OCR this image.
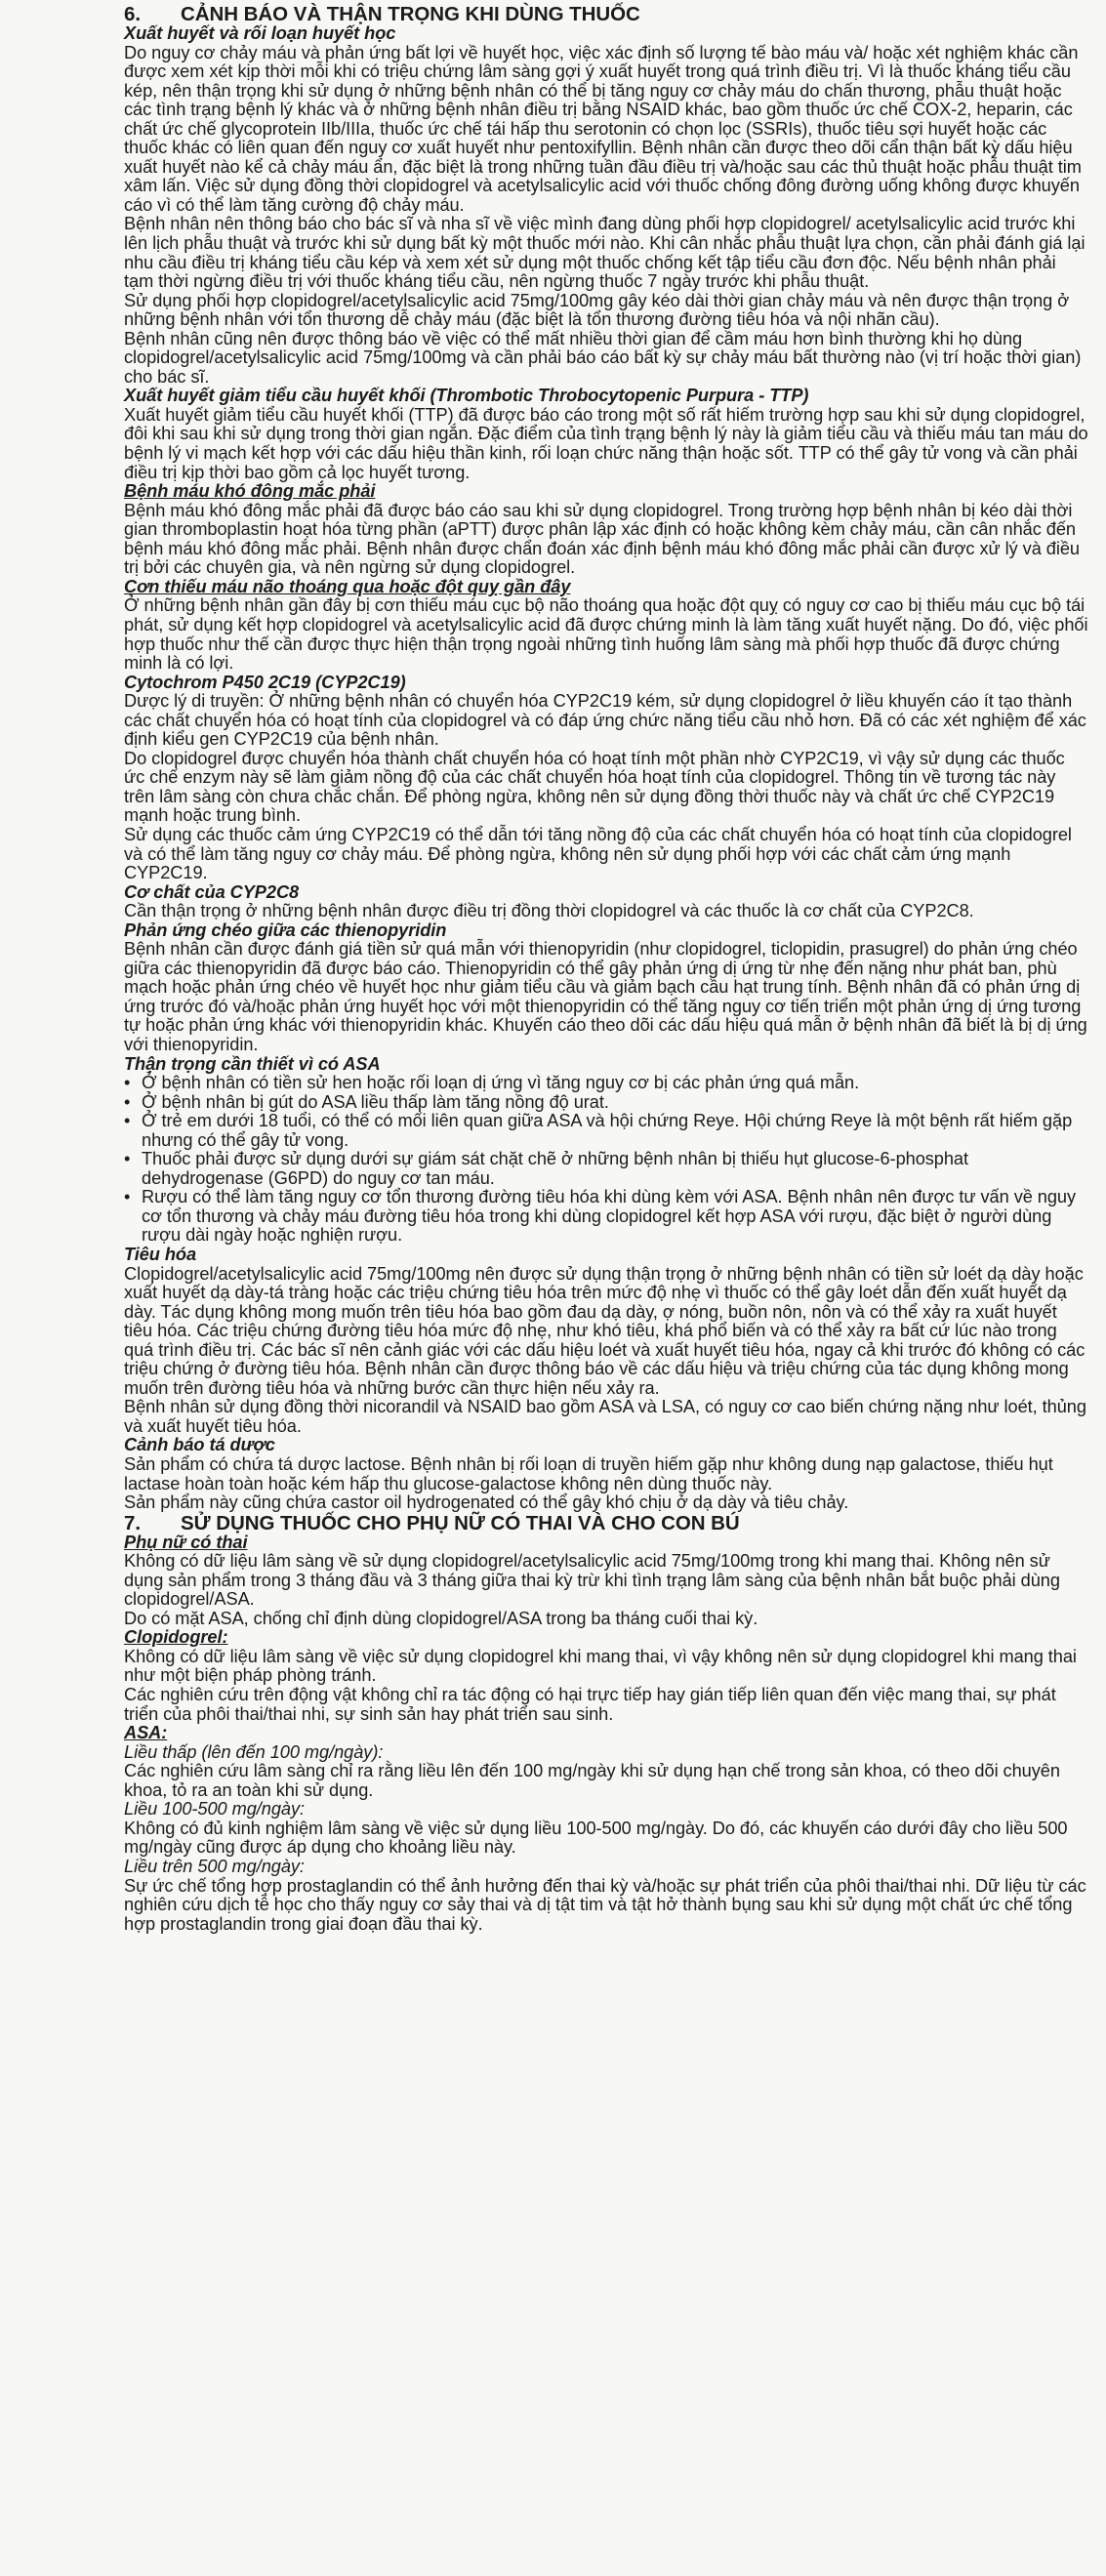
6. CẢNH BÁO VÀ THẬN TRỌNG KHI DÙNG THUỐC

Xuất huyết và rối loạn huyết học

Do nguy cơ chảy máu và phản ứng bất lợi về huyết học, việc xác định số lượng tế bào máu và/ hoặc xét nghiệm khác cần được xem xét kịp thời mỗi khi có triệu chứng lâm sàng gợi ý xuất huyết trong quá trình điều trị. Vì là thuốc kháng tiểu cầu kép, nên thận trọng khi sử dụng ở những bệnh nhân có thể bị tăng nguy cơ chảy máu do chấn thương, phẫu thuật hoặc các tình trạng bệnh lý khác và ở những bệnh nhân điều trị bằng NSAID khác, bao gồm thuốc ức chế COX-2, heparin, các chất ức chế glycoprotein IIb/IIIa, thuốc ức chế tái hấp thu serotonin có chọn lọc (SSRIs), thuốc tiêu sợi huyết hoặc các thuốc khác có liên quan đến nguy cơ xuất huyết như pentoxifyllin. Bệnh nhân cần được theo dõi cẩn thận bất kỳ dấu hiệu xuất huyết nào kể cả chảy máu ẩn, đặc biệt là trong những tuần đầu điều trị và/hoặc sau các thủ thuật hoặc phẫu thuật tim xâm lấn. Việc sử dụng đồng thời clopidogrel và acetylsalicylic acid với thuốc chống đông đường uống không được khuyến cáo vì có thể làm tăng cường độ chảy máu.

Bệnh nhân nên thông báo cho bác sĩ và nha sĩ về việc mình đang dùng phối hợp clopidogrel/ acetylsalicylic acid trước khi lên lịch phẫu thuật và trước khi sử dụng bất kỳ một thuốc mới nào. Khi cân nhắc phẫu thuật lựa chọn, cần phải đánh giá lại nhu cầu điều trị kháng tiểu cầu kép và xem xét sử dụng một thuốc chống kết tập tiểu cầu đơn độc. Nếu bệnh nhân phải tạm thời ngừng điều trị với thuốc kháng tiểu cầu, nên ngừng thuốc 7 ngày trước khi phẫu thuật.

Sử dụng phối hợp clopidogrel/acetylsalicylic acid 75mg/100mg gây kéo dài thời gian chảy máu và nên được thận trọng ở những bệnh nhân với tổn thương dễ chảy máu (đặc biệt là tổn thương đường tiêu hóa và nội nhãn cầu).

Bệnh nhân cũng nên được thông báo về việc có thể mất nhiều thời gian để cầm máu hơn bình thường khi họ dùng clopidogrel/acetylsalicylic acid 75mg/100mg và cần phải báo cáo bất kỳ sự chảy máu bất thường nào (vị trí hoặc thời gian) cho bác sĩ.

Xuất huyết giảm tiểu cầu huyết khối (Thrombotic Throbocytopenic Purpura - TTP)

Xuất huyết giảm tiểu cầu huyết khối (TTP) đã được báo cáo trong một số rất hiếm trường hợp sau khi sử dụng clopidogrel, đôi khi sau khi sử dụng trong thời gian ngắn. Đặc điểm của tình trạng bệnh lý này là giảm tiểu cầu và thiếu máu tan máu do bệnh lý vi mạch kết hợp với các dấu hiệu thần kinh, rối loạn chức năng thận hoặc sốt. TTP có thể gây tử vong và cần phải điều trị kịp thời bao gồm cả lọc huyết tương.

Bệnh máu khó đông mắc phải

Bệnh máu khó đông mắc phải đã được báo cáo sau khi sử dụng clopidogrel. Trong trường hợp bệnh nhân bị kéo dài thời gian thromboplastin hoạt hóa từng phần (aPTT) được phân lập xác định có hoặc không kèm chảy máu, cần cân nhắc đến bệnh máu khó đông mắc phải. Bệnh nhân được chẩn đoán xác định bệnh máu khó đông mắc phải cần được xử lý và điều trị bởi các chuyên gia, và nên ngừng sử dụng clopidogrel.

Cơn thiếu máu não thoáng qua hoặc đột quỵ gần đây

Ở những bệnh nhân gần đây bị cơn thiếu máu cục bộ não thoáng qua hoặc đột quỵ có nguy cơ cao bị thiếu máu cục bộ tái phát, sử dụng kết hợp clopidogrel và acetylsalicylic acid đã được chứng minh là làm tăng xuất huyết nặng. Do đó, việc phối hợp thuốc như thế cần được thực hiện thận trọng ngoài những tình huống lâm sàng mà phối hợp thuốc đã được chứng minh là có lợi.

Cytochrom P450 2C19 (CYP2C19)

Dược lý di truyền: Ở những bệnh nhân có chuyển hóa CYP2C19 kém, sử dụng clopidogrel ở liều khuyến cáo ít tạo thành các chất chuyển hóa có hoạt tính của clopidogrel và có đáp ứng chức năng tiểu cầu nhỏ hơn. Đã có các xét nghiệm để xác định kiểu gen CYP2C19 của bệnh nhân.

Do clopidogrel được chuyển hóa thành chất chuyển hóa có hoạt tính một phần nhờ CYP2C19, vì vậy sử dụng các thuốc ức chế enzym này sẽ làm giảm nồng độ của các chất chuyển hóa hoạt tính của clopidogrel. Thông tin về tương tác này trên lâm sàng còn chưa chắc chắn. Để phòng ngừa, không nên sử dụng đồng thời thuốc này và chất ức chế CYP2C19 mạnh hoặc trung bình.

Sử dụng các thuốc cảm ứng CYP2C19 có thể dẫn tới tăng nồng độ của các chất chuyển hóa có hoạt tính của clopidogrel và có thể làm tăng nguy cơ chảy máu. Để phòng ngừa, không nên sử dụng phối hợp với các chất cảm ứng mạnh CYP2C19.

Cơ chất của CYP2C8

Cần thận trọng ở những bệnh nhân được điều trị đồng thời clopidogrel và các thuốc là cơ chất của CYP2C8.

Phản ứng chéo giữa các thienopyridin

Bệnh nhân cần được đánh giá tiền sử quá mẫn với thienopyridin (như clopidogrel, ticlopidin, prasugrel) do phản ứng chéo giữa các thienopyridin đã được báo cáo. Thienopyridin có thể gây phản ứng dị ứng từ nhẹ đến nặng như phát ban, phù mạch hoặc phản ứng chéo về huyết học như giảm tiểu cầu và giảm bạch cầu hạt trung tính. Bệnh nhân đã có phản ứng dị ứng trước đó và/hoặc phản ứng huyết học với một thienopyridin có thể tăng nguy cơ tiến triển một phản ứng dị ứng tương tự hoặc phản ứng khác với thienopyridin khác. Khuyến cáo theo dõi các dấu hiệu quá mẫn ở bệnh nhân đã biết là bị dị ứng với thienopyridin.

Thận trọng cần thiết vì có ASA

• Ở bệnh nhân có tiền sử hen hoặc rối loạn dị ứng vì tăng nguy cơ bị các phản ứng quá mẫn.
• Ở bệnh nhân bị gút do ASA liều thấp làm tăng nồng độ urat.
• Ở trẻ em dưới 18 tuổi, có thể có mối liên quan giữa ASA và hội chứng Reye. Hội chứng Reye là một bệnh rất hiếm gặp nhưng có thể gây tử vong.
• Thuốc phải được sử dụng dưới sự giám sát chặt chẽ ở những bệnh nhân bị thiếu hụt glucose-6-phosphat dehydrogenase (G6PD) do nguy cơ tan máu.
• Rượu có thể làm tăng nguy cơ tổn thương đường tiêu hóa khi dùng kèm với ASA. Bệnh nhân nên được tư vấn về nguy cơ tổn thương và chảy máu đường tiêu hóa trong khi dùng clopidogrel kết hợp ASA với rượu, đặc biệt ở người dùng rượu dài ngày hoặc nghiện rượu.

Tiêu hóa

Clopidogrel/acetylsalicylic acid 75mg/100mg nên được sử dụng thận trọng ở những bệnh nhân có tiền sử loét dạ dày hoặc xuất huyết dạ dày-tá tràng hoặc các triệu chứng tiêu hóa trên mức độ nhẹ vì thuốc có thể gây loét dẫn đến xuất huyết dạ dày. Tác dụng không mong muốn trên tiêu hóa bao gồm đau dạ dày, ợ nóng, buồn nôn, nôn và có thể xảy ra xuất huyết tiêu hóa. Các triệu chứng đường tiêu hóa mức độ nhẹ, như khó tiêu, khá phổ biến và có thể xảy ra bất cứ lúc nào trong quá trình điều trị. Các bác sĩ nên cảnh giác với các dấu hiệu loét và xuất huyết tiêu hóa, ngay cả khi trước đó không có các triệu chứng ở đường tiêu hóa. Bệnh nhân cần được thông báo về các dấu hiệu và triệu chứng của tác dụng không mong muốn trên đường tiêu hóa và những bước cần thực hiện nếu xảy ra.

Bệnh nhân sử dụng đồng thời nicorandil và NSAID bao gồm ASA và LSA, có nguy cơ cao biến chứng nặng như loét, thủng và xuất huyết tiêu hóa.

Cảnh báo tá dược

Sản phẩm có chứa tá dược lactose. Bệnh nhân bị rối loạn di truyền hiếm gặp như không dung nạp galactose, thiếu hụt lactase hoàn toàn hoặc kém hấp thu glucose-galactose không nên dùng thuốc này.

Sản phẩm này cũng chứa castor oil hydrogenated có thể gây khó chịu ở dạ dày và tiêu chảy.

7. SỬ DỤNG THUỐC CHO PHỤ NỮ CÓ THAI VÀ CHO CON BÚ

Phụ nữ có thai

Không có dữ liệu lâm sàng về sử dụng clopidogrel/acetylsalicylic acid 75mg/100mg trong khi mang thai. Không nên sử dụng sản phẩm trong 3 tháng đầu và 3 tháng giữa thai kỳ trừ khi tình trạng lâm sàng của bệnh nhân bắt buộc phải dùng clopidogrel/ASA.

Do có mặt ASA, chống chỉ định dùng clopidogrel/ASA trong ba tháng cuối thai kỳ.

Clopidogrel:

Không có dữ liệu lâm sàng về việc sử dụng clopidogrel khi mang thai, vì vậy không nên sử dụng clopidogrel khi mang thai như một biện pháp phòng tránh.

Các nghiên cứu trên động vật không chỉ ra tác động có hại trực tiếp hay gián tiếp liên quan đến việc mang thai, sự phát triển của phôi thai/thai nhi, sự sinh sản hay phát triển sau sinh.

ASA:

Liều thấp (lên đến 100 mg/ngày):

Các nghiên cứu lâm sàng chỉ ra rằng liều lên đến 100 mg/ngày khi sử dụng hạn chế trong sản khoa, có theo dõi chuyên khoa, tỏ ra an toàn khi sử dụng.

Liều 100-500 mg/ngày:

Không có đủ kinh nghiệm lâm sàng về việc sử dụng liều 100-500 mg/ngày. Do đó, các khuyến cáo dưới đây cho liều 500 mg/ngày cũng được áp dụng cho khoảng liều này.

Liều trên 500 mg/ngày:

Sự ức chế tổng hợp prostaglandin có thể ảnh hưởng đến thai kỳ và/hoặc sự phát triển của phôi thai/thai nhi. Dữ liệu từ các nghiên cứu dịch tễ học cho thấy nguy cơ sảy thai và dị tật tim và tật hở thành bụng sau khi sử dụng một chất ức chế tổng hợp prostaglandin trong giai đoạn đầu thai kỳ.
